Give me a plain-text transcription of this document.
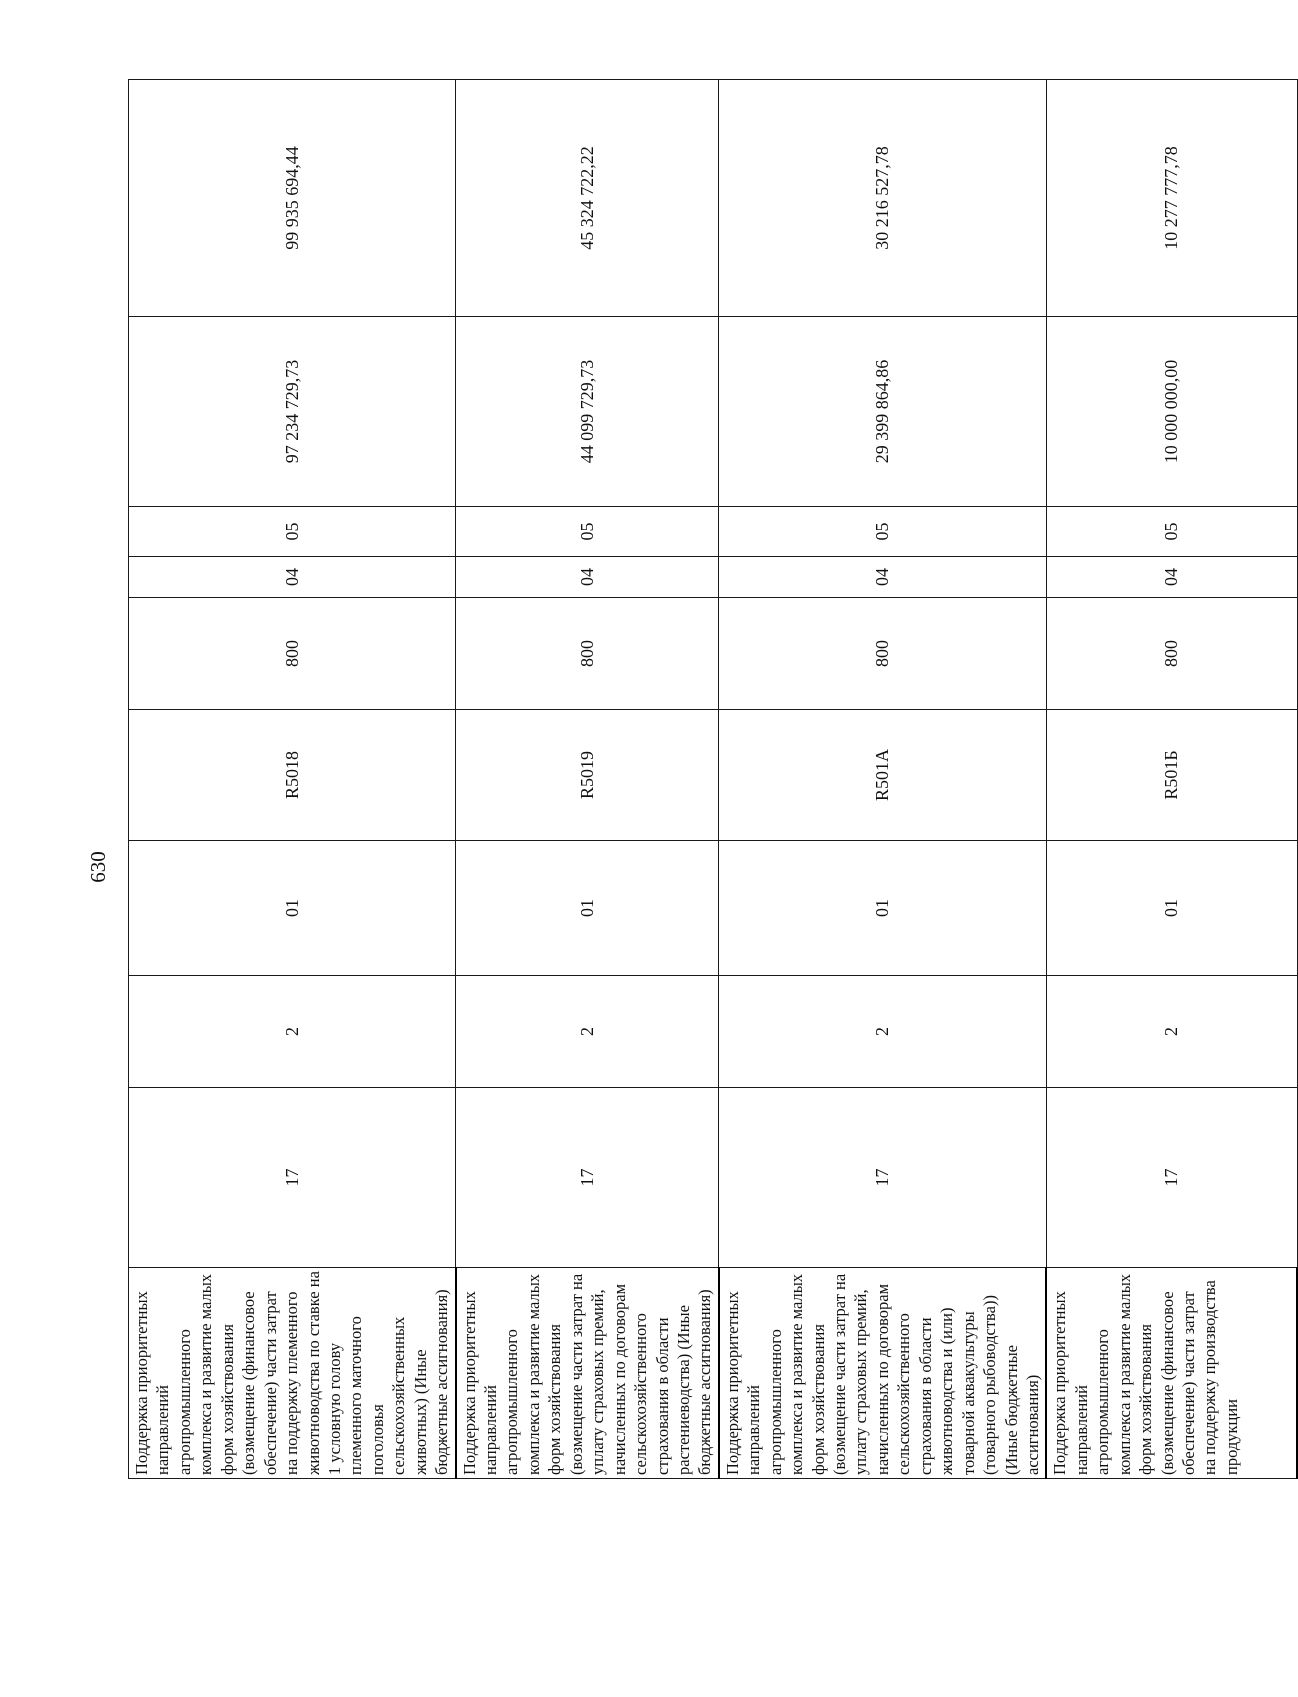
630
Поддержка приоритетных направлений агропромышленного комплекса и развитие малых форм хозяйствования (возмещение (финансовое обеспечение) части затрат на поддержку племенного животноводства по ставке на 1 условную голову племенного маточного поголовья сельскохозяйственных животных) (Иные бюджетные ассигнования)	17	2	01	R5018	800	04	05	97 234 729,73	99 935 694,44
Поддержка приоритетных направлений агропромышленного комплекса и развитие малых форм хозяйствования (возмещение части затрат на уплату страховых премий, начисленных по договорам сельскохозяйственного страхования в области растениеводства) (Иные бюджетные ассигнования)	17	2	01	R5019	800	04	05	44 099 729,73	45 324 722,22
Поддержка приоритетных направлений агропромышленного комплекса и развитие малых форм хозяйствования (возмещение части затрат на уплату страховых премий, начисленных по договорам сельскохозяйственного страхования в области животноводства и (или) товарной аквакультуры (товарного рыбоводства)) (Иные бюджетные ассигнования)	17	2	01	R501А	800	04	05	29 399 864,86	30 216 527,78
Поддержка приоритетных направлений агропромышленного комплекса и развитие малых форм хозяйствования (возмещение (финансовое обеспечение) части затрат на поддержку производства продукции	17	2	01	R501Б	800	04	05	10 000 000,00	10 277 777,78
